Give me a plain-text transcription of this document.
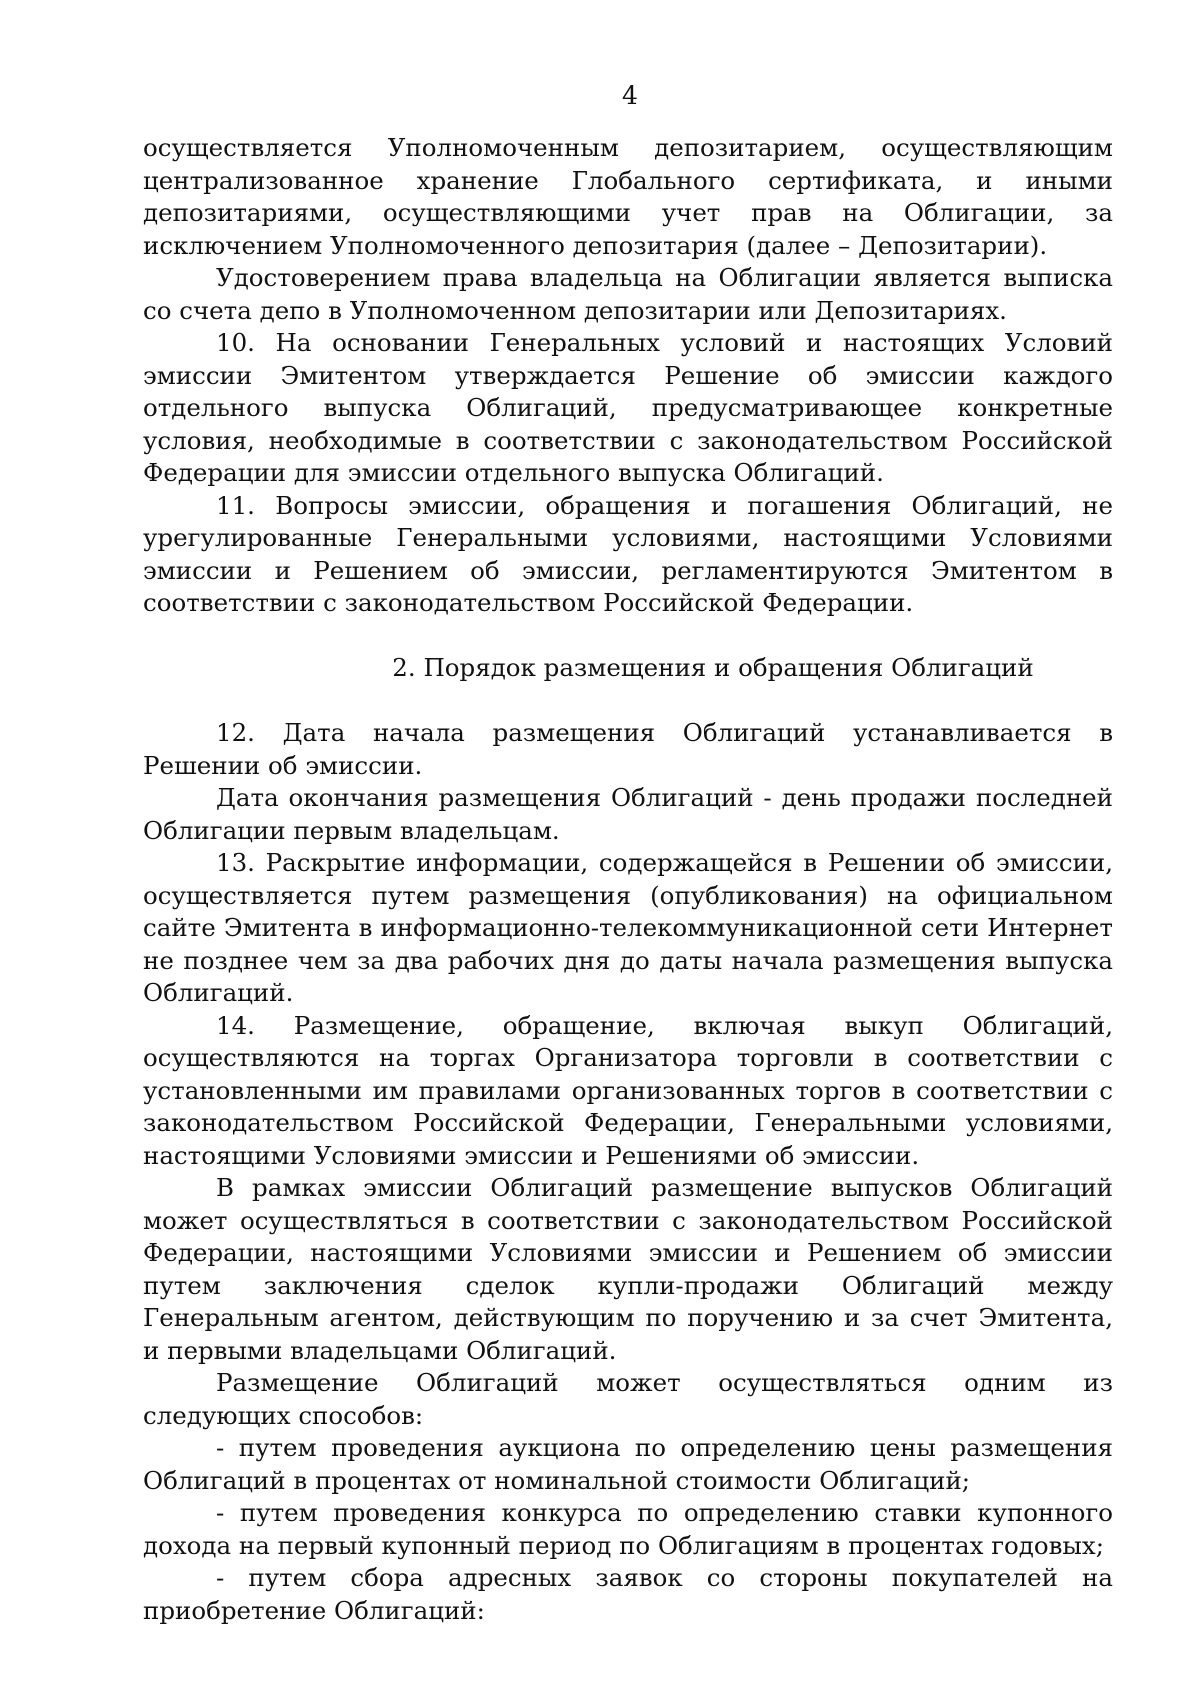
4

осуществляется Уполномоченным депозитарием, осуществляющим централизованное хранение Глобального сертификата, и иными депозитариями, осуществляющими учет прав на Облигации, за исключением Уполномоченного депозитария (далее – Депозитарии).

Удостоверением права владельца на Облигации является выписка со счета депо в Уполномоченном депозитарии или Депозитариях.

10. На основании Генеральных условий и настоящих Условий эмиссии Эмитентом утверждается Решение об эмиссии каждого отдельного выпуска Облигаций, предусматривающее конкретные условия, необходимые в соответствии с законодательством Российской Федерации для эмиссии отдельного выпуска Облигаций.

11. Вопросы эмиссии, обращения и погашения Облигаций, не урегулированные Генеральными условиями, настоящими Условиями эмиссии и Решением об эмиссии, регламентируются Эмитентом в соответствии с законодательством Российской Федерации.

2. Порядок размещения и обращения Облигаций

12. Дата начала размещения Облигаций устанавливается в Решении об эмиссии.

Дата окончания размещения Облигаций - день продажи последней Облигации первым владельцам.

13. Раскрытие информации, содержащейся в Решении об эмиссии, осуществляется путем размещения (опубликования) на официальном сайте Эмитента в информационно-телекоммуникационной сети Интернет не позднее чем за два рабочих дня до даты начала размещения выпуска Облигаций.

14. Размещение, обращение, включая выкуп Облигаций, осуществляются на торгах Организатора торговли в соответствии с установленными им правилами организованных торгов в соответствии с законодательством Российской Федерации, Генеральными условиями, настоящими Условиями эмиссии и Решениями об эмиссии.

В рамках эмиссии Облигаций размещение выпусков Облигаций может осуществляться в соответствии с законодательством Российской Федерации, настоящими Условиями эмиссии и Решением об эмиссии путем заключения сделок купли-продажи Облигаций между Генеральным агентом, действующим по поручению и за счет Эмитента, и первыми владельцами Облигаций.

Размещение Облигаций может осуществляться одним из следующих способов:

- путем проведения аукциона по определению цены размещения Облигаций в процентах от номинальной стоимости Облигаций;

- путем проведения конкурса по определению ставки купонного дохода на первый купонный период по Облигациям в процентах годовых;

- путем сбора адресных заявок со стороны покупателей на приобретение Облигаций:
